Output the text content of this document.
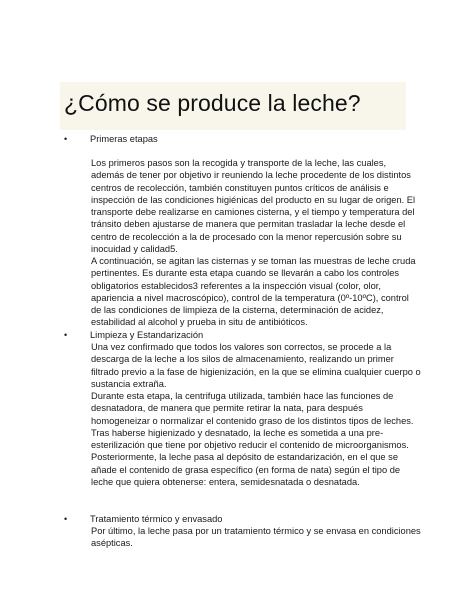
¿Cómo se produce la leche?
•	Primeras etapas

Los primeros pasos son la recogida y transporte de la leche, las cuales, además de tener por objetivo ir reuniendo la leche procedente de los distintos centros de recolección, también constituyen puntos críticos de análisis e inspección de las condiciones higiénicas del producto en su lugar de origen. El transporte debe realizarse en camiones cisterna, y el tiempo y temperatura del tránsito deben ajustarse de manera que permitan trasladar la leche desde el centro de recolección a la de procesado con la menor repercusión sobre su inocuidad y calidad5.

A continuación, se agitan las cisternas y se toman las muestras de leche cruda pertinentes. Es durante esta etapa cuando se llevarán a cabo los controles obligatorios establecidos3 referentes a la inspección visual (color, olor, apariencia a nivel macroscópico), control de la temperatura (0º-10ºC), control de las condiciones de limpieza de la cisterna, determinación de acidez, estabilidad al alcohol y prueba in situ de antibióticos.

•	Limpieza y Estandarización

Una vez confirmado que todos los valores son correctos, se procede a la descarga de la leche a los silos de almacenamiento, realizando un primer filtrado previo a la fase de higienización, en la que se elimina cualquier cuerpo o sustancia extraña.

Durante esta etapa, la centrifuga utilizada, también hace las funciones de desnatadora, de manera que permite retirar la nata, para después homogeneizar o normalizar el contenido graso de los distintos tipos de leches.

Tras haberse higienizado y desnatado, la leche es sometida a una pre-esterilización que tiene por objetivo reducir el contenido de microorganismos. Posteriormente, la leche pasa al depósito de estandarización, en el que se añade el contenido de grasa específico (en forma de nata) según el tipo de leche que quiera obtenerse: entera, semidesnatada o desnatada.

•	Tratamiento térmico y envasado

Por último, la leche pasa por un tratamiento térmico y se envasa en condiciones asépticas.
